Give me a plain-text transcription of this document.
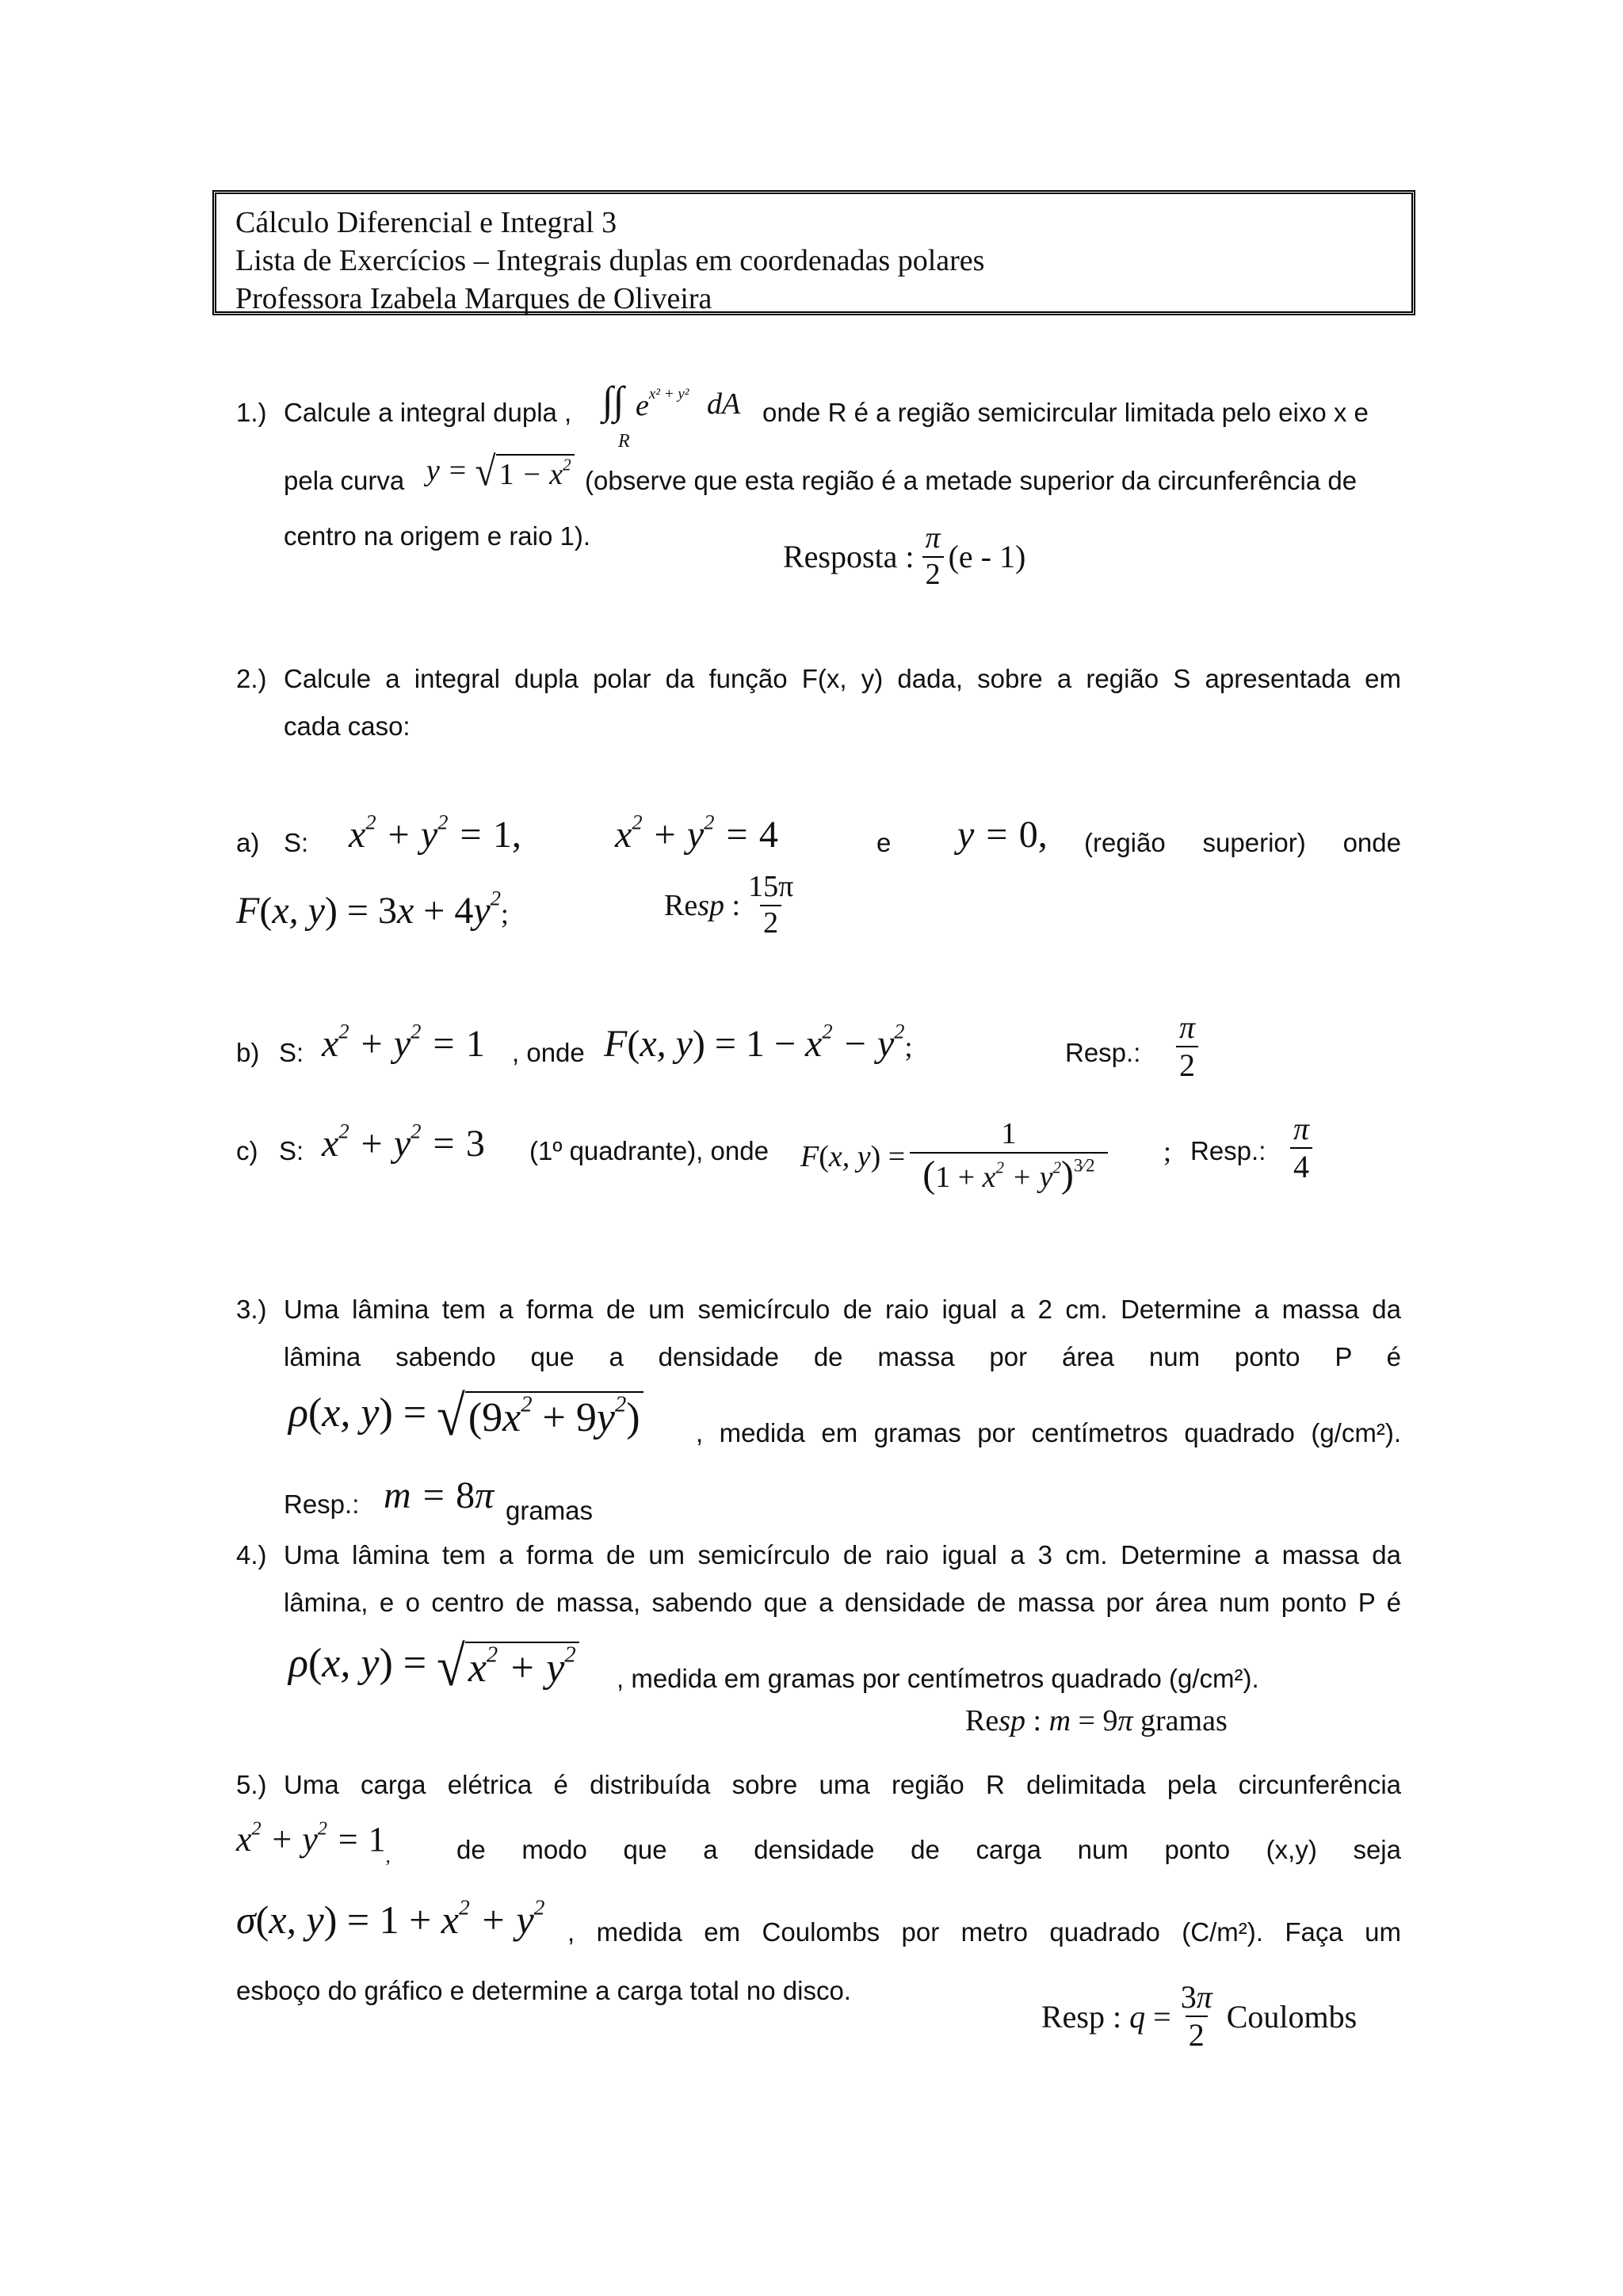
Cálculo Diferencial e Integral 3
Lista de Exercícios – Integrais duplas em coordenadas polares
Professora Izabela Marques de Oliveira
1.) Calcule a integral dupla , ∫∫ $e^{x^2 + y^2}$ dA
R
onde R é a região semicircular limitada pelo eixo x e
pela curva y = √ $1 - x^2$
(observe que esta região é a metade superior da circunferência de
centro na origem e raio 1).
Resposta : $\frac{\pi}{2} (e - 1)$
2.) Calcule a integral dupla polar da função F(x, y) dada, sobre a região S apresentada em
cada caso:
a) S: $x^2 + y^2 = 1$, $x^2 + y^2 = 4$	e y = 0, (região superior) onde
F(x, $y) = 3x + 4y^2$;	Resp : $\frac{15\pi}{2}$
b) S: $x^2 + y^2 = 1$ , onde F(x, $y) = 1 - x^2 - y^2$;	Resp.: $\frac{\pi}{2}$
c) S: $x^2 + y^2 = 3$ (1º quadrante), onde F(x, $y) = \frac{1}{(1 + x^2 + y^2)^{3⁄2}}$ ; Resp.: $\frac{\pi}{4}$
3.) Uma lâmina tem a forma de um semicírculo de raio igual a 2 cm. Determine a massa da
lâmina sabendo que a densidade de massa por área num ponto P é
ρ(x, y) = √ $(9x^2 + 9y^2)$ , medida em gramas por centímetros quadrado (g/cm²).
Resp.: m = 8π gramas
4.) Uma lâmina tem a forma de um semicírculo de raio igual a 3 cm. Determine a massa da
lâmina, e o centro de massa, sabendo que a densidade de massa por área num ponto P é
ρ(x, y) = √ $x^2 + y^2$
, medida em gramas por centímetros quadrado (g/cm²).
Resp : m = 9π gramas
5.) Uma carga elétrica é distribuída sobre uma região R delimitada pela circunferência
$x^2 + y^2 = 1_,$	de modo que a densidade de carga num ponto (x,y) seja
σ(x, $y) = 1 + x^2 + y^2$
, medida em Coulombs por metro quadrado (C/m²). Faça um
esboço do gráfico e determine a carga total no disco.
Resp : $q = \frac{3\pi}{2}$ Coulombs
